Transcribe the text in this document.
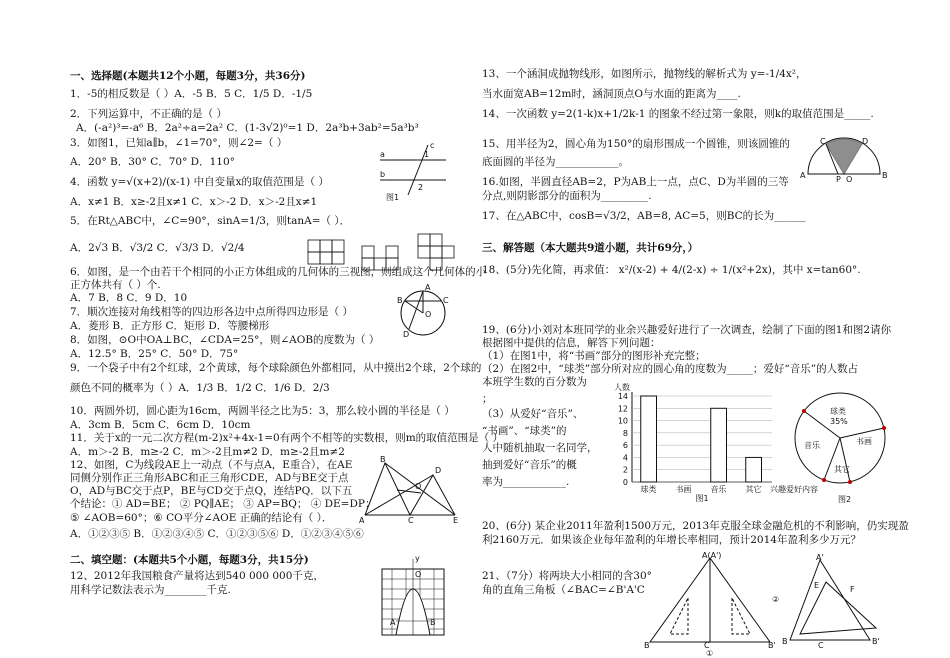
一、选择题(本题共12个小题，每题3分，共36分)
1．-5的相反数是（ ）A．-5 B．5 C．1/5 D．-1/5
2．下列运算中，不正确的是（ ）
A．(-a²)³=-a⁶ B．2a²÷a=2a² C．(1-3√2)⁰=1 D．2a³b+3ab²=5a³b³
3．如图1，已知a∥b，∠1=70°，则∠2=（ ）
A．20° B．30° C．70° D．110°
4．函数 y=√(x+2)/(x-1) 中自变量x的取值范围是（ ）
A．x≠1 B．x≥-2且x≠1 C．x＞-2 D．x＞-2且x≠1
5．在Rt△ABC中，∠C=90°，sinA=1/3，则tanA=（ ）．
A．2√3 B．√3/2 C．√3/3 D．√2/4
6．如图，是一个由若干个相同的小正方体组成的几何体的三视图，则组成这个几何体的小
正方体共有（ ）个.
A．7 B．8 C．9 D．10
7．顺次连接对角线相等的四边形各边中点所得四边形是（ ）
A．菱形 B．正方形 C．矩形 D．等腰梯形
8．如图，⊙O中OA⊥BC，∠CDA=25°，则∠AOB的度数为（ ）
A．12.5° B．25° C．50° D．75°
9．一个袋子中有2个红球，2个黄球，每个球除颜色外都相同，从中摸出2个球，2个球的
颜色不同的概率为（ ）A．1/3 B．1/2 C．1/6 D．2/3
10．两圆外切，圆心距为16cm，两圆半径之比为5：3，那么较小圆的半径是（ ）
A．3cm B．5cm C．6cm D．10cm
11．关于x的一元二次方程(m-2)x²+4x-1=0有两个不相等的实数根，则m的取值范围是（ ）
A．m＞-2 B．m≥-2 C．m＞-2且m≠2 D．m≥-2且m≠2
12、如图，C为线段AE上一动点（不与点A，E重合），在AE
同侧分别作正三角形ABC和正三角形CDE，AD与BE交于点
O，AD与BC交于点P，BE与CD交于点Q，连结PQ．以下五
个结论：① AD=BE； ② PQ∥AE； ③ AP=BQ； ④ DE=DP；
⑤ ∠AOB=60°；⑥ CO平分∠AOE 正确的结论有（ ）．
A．①②③⑤ B．①②③④⑤ C．①②③⑤⑥ D．①②③④⑤⑥
二、填空题：(本题共5个小题，每题3分，共15分)
12、2012年我国粮食产量将达到540 000 000千克，
用科学记数法表示为________千克.
a
b
1
2
c
图1
A
B	C
O
D
A
B
C
D
E
O
y
O
A	B
13、一个涵洞成抛物线形，如图所示，抛物线的解析式为 y=-1/4x²，
当水面宽AB=12m时，涵洞顶点O与水面的距离为____.
14、一次函数 y=2(1-k)x+1/2k-1 的图象不经过第一象限，则k的取值范围是_____.
15、用半径为2，圆心角为150°的扇形围成一个圆锥，则该圆锥的
底面圆的半径为____________。
16.如图，半圆直径AB=2，P为AB上一点，点C、D为半圆的三等
分点,则阴影部分的面积为_________.
17、在△ABC中，cosB=√3/2，AB=8, AC=5，则BC的长为______
三、解答题（本大题共9道小题，共计69分，）
18、(5分)先化简，再求值： x²/(x-2) + 4/(2-x) ÷ 1/(x²+2x)，其中 x=tan60°.
19、(6分)小刘对本班同学的业余兴趣爱好进行了一次调查，绘制了下面的图1和图2请你
根据图中提供的信息，解答下列问题：
（1）在图1中，将“书画”部分的图形补充完整；
（2）在图2中，“球类”部分所对应的圆心角的度数为_____；爱好“音乐”的人数占
本班学生数的百分数为
；
（3）从爱好“音乐”、
“书画”、“球类”的
人中随机抽取一名同学，
抽到爱好“音乐”的概
率为____________.
20、(6分) 某企业2011年盈利1500万元，2013年克服全球金融危机的不利影响，仍实现盈
利2160万元．如果该企业每年盈利的年增长率相同，预计2014年盈利多少万元？
21、（7分）将两块大小相同的含30°
角的直角三角板（∠BAC=∠B'A'C
A
C	D
P O	B
人数
0
2
4
6
8
10
12
14
兴趣爱好内容
图1
球类 书画 音乐 其它
球类
35%
书画
音乐
其它
图2
A(A')
B	C	B'
①
A'
B	C	B'
E	F
②
